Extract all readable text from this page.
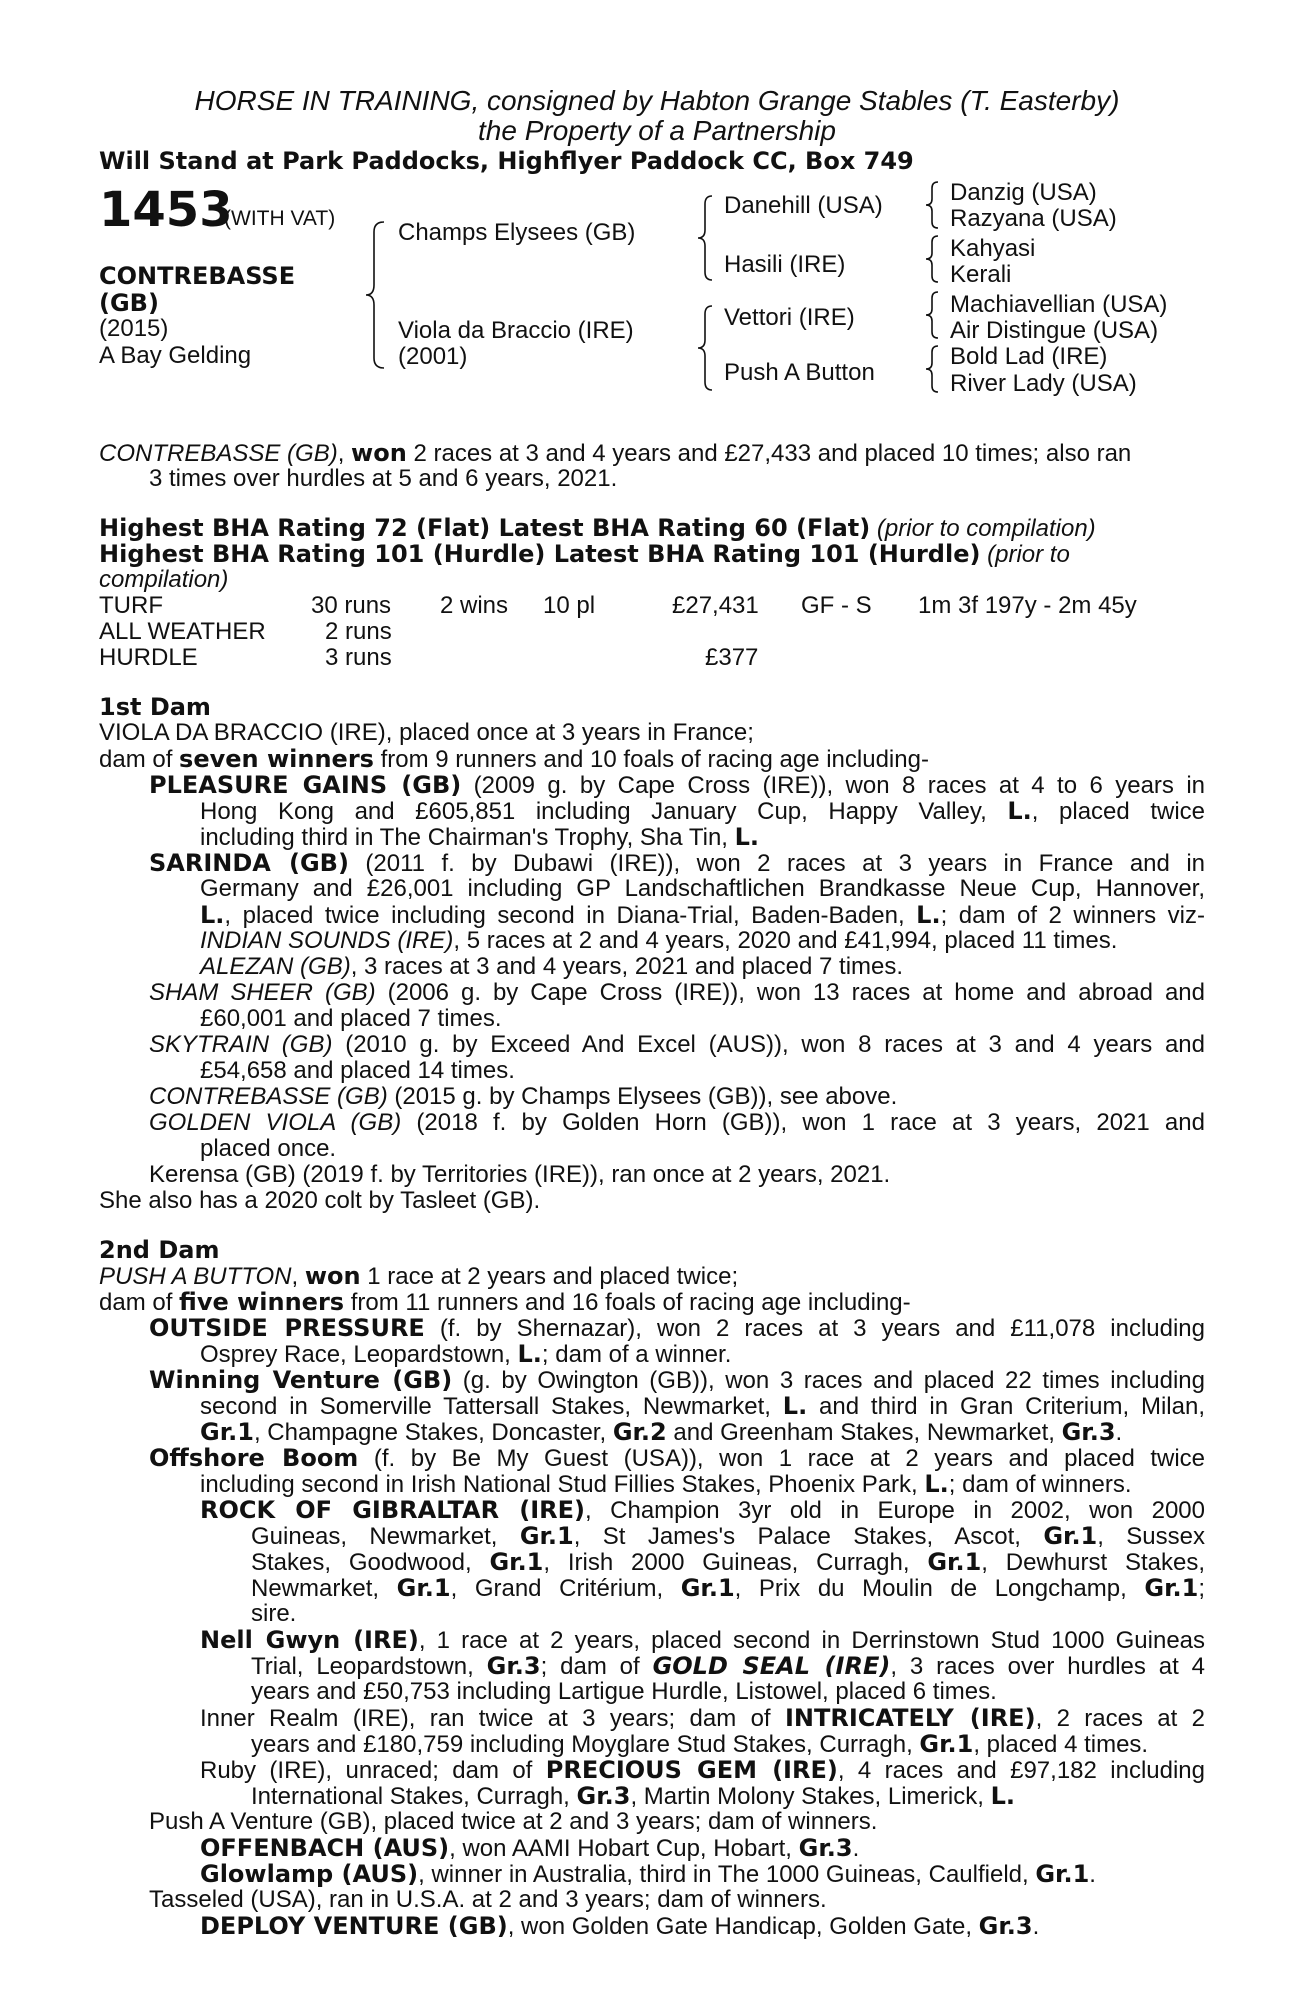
HORSE IN TRAINING, consigned by Habton Grange Stables (T. Easterby)
the Property of a Partnership
Will Stand at Park Paddocks, Highflyer Paddock CC, Box 749
1453
(WITH VAT)
CONTREBASSE
(GB)
(2015)
A Bay Gelding
Champs Elysees (GB)
Viola da Braccio (IRE)
(2001)
Danehill (USA)
Hasili (IRE)
Vettori (IRE)
Push A Button
Danzig (USA)
Razyana (USA)
Kahyasi
Kerali
Machiavellian (USA)
Air Distingue (USA)
Bold Lad (IRE)
River Lady (USA)
CONTREBASSE (GB), won 2 races at 3 and 4 years and £27,433 and placed 10 times; also ran
3 times over hurdles at 5 and 6 years, 2021.
Highest BHA Rating 72 (Flat) Latest BHA Rating 60 (Flat) (prior to compilation)
Highest BHA Rating 101 (Hurdle) Latest BHA Rating 101 (Hurdle) (prior to
compilation)
TURF	30 runs 2 wins 10 pl	£27,431 GF - S 1m 3f 197y - 2m 45y
ALL WEATHER 2 runs
HURDLE	3 runs	£377
1st Dam
VIOLA DA BRACCIO (IRE), placed once at 3 years in France;
dam of seven winners from 9 runners and 10 foals of racing age including-
PLEASURE GAINS (GB) (2009 g. by Cape Cross (IRE)), won 8 races at 4 to 6 years in
Hong Kong and £605,851 including January Cup, Happy Valley, L., placed twice
including third in The Chairman's Trophy, Sha Tin, L.
SARINDA (GB) (2011 f. by Dubawi (IRE)), won 2 races at 3 years in France and in
Germany and £26,001 including GP Landschaftlichen Brandkasse Neue Cup, Hannover,
L., placed twice including second in Diana-Trial, Baden-Baden, L.; dam of 2 winners viz-
INDIAN SOUNDS (IRE), 5 races at 2 and 4 years, 2020 and £41,994, placed 11 times.
ALEZAN (GB), 3 races at 3 and 4 years, 2021 and placed 7 times.
SHAM SHEER (GB) (2006 g. by Cape Cross (IRE)), won 13 races at home and abroad and
£60,001 and placed 7 times.
SKYTRAIN (GB) (2010 g. by Exceed And Excel (AUS)), won 8 races at 3 and 4 years and
£54,658 and placed 14 times.
CONTREBASSE (GB) (2015 g. by Champs Elysees (GB)), see above.
GOLDEN VIOLA (GB) (2018 f. by Golden Horn (GB)), won 1 race at 3 years, 2021 and
placed once.
Kerensa (GB) (2019 f. by Territories (IRE)), ran once at 2 years, 2021.
She also has a 2020 colt by Tasleet (GB).
2nd Dam
PUSH A BUTTON, won 1 race at 2 years and placed twice;
dam of five winners from 11 runners and 16 foals of racing age including-
OUTSIDE PRESSURE (f. by Shernazar), won 2 races at 3 years and £11,078 including
Osprey Race, Leopardstown, L.; dam of a winner.
Winning Venture (GB) (g. by Owington (GB)), won 3 races and placed 22 times including
second in Somerville Tattersall Stakes, Newmarket, L. and third in Gran Criterium, Milan,
Gr.1, Champagne Stakes, Doncaster, Gr.2 and Greenham Stakes, Newmarket, Gr.3.
Offshore Boom (f. by Be My Guest (USA)), won 1 race at 2 years and placed twice
including second in Irish National Stud Fillies Stakes, Phoenix Park, L.; dam of winners.
ROCK OF GIBRALTAR (IRE), Champion 3yr old in Europe in 2002, won 2000
Guineas, Newmarket, Gr.1, St James's Palace Stakes, Ascot, Gr.1, Sussex
Stakes, Goodwood, Gr.1, Irish 2000 Guineas, Curragh, Gr.1, Dewhurst Stakes,
Newmarket, Gr.1, Grand Critérium, Gr.1, Prix du Moulin de Longchamp, Gr.1;
sire.
Nell Gwyn (IRE), 1 race at 2 years, placed second in Derrinstown Stud 1000 Guineas
Trial, Leopardstown, Gr.3; dam of GOLD SEAL (IRE), 3 races over hurdles at 4
years and £50,753 including Lartigue Hurdle, Listowel, placed 6 times.
Inner Realm (IRE), ran twice at 3 years; dam of INTRICATELY (IRE), 2 races at 2
years and £180,759 including Moyglare Stud Stakes, Curragh, Gr.1, placed 4 times.
Ruby (IRE), unraced; dam of PRECIOUS GEM (IRE), 4 races and £97,182 including
International Stakes, Curragh, Gr.3, Martin Molony Stakes, Limerick, L.
Push A Venture (GB), placed twice at 2 and 3 years; dam of winners.
OFFENBACH (AUS), won AAMI Hobart Cup, Hobart, Gr.3.
Glowlamp (AUS), winner in Australia, third in The 1000 Guineas, Caulfield, Gr.1.
Tasseled (USA), ran in U.S.A. at 2 and 3 years; dam of winners.
DEPLOY VENTURE (GB), won Golden Gate Handicap, Golden Gate, Gr.3.
